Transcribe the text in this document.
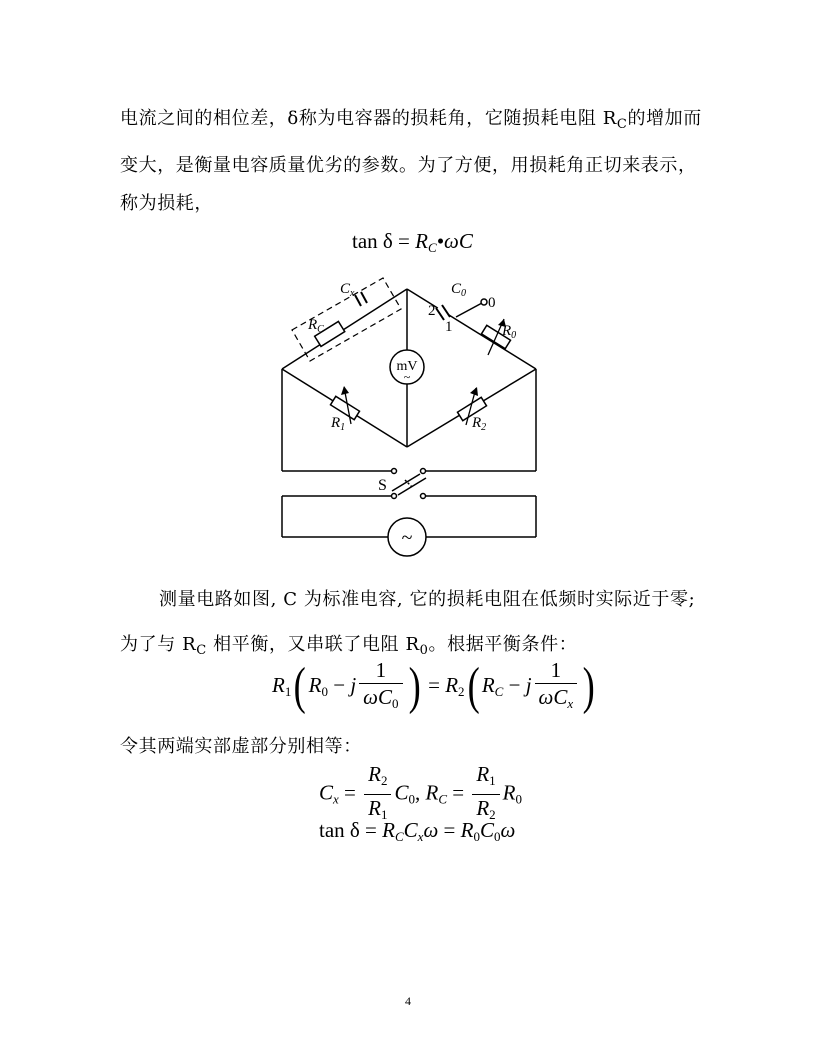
电流之间的相位差，δ称为电容器的损耗角，它随损耗电阻 $R_C$的增加而
变大，是衡量电容质量优劣的参数。为了方便，用损耗角正切来表示，
称为损耗，
$\tan \delta = R_C•\omega C$
$R_C$
$C_x$	$C_0$
2
1
0
$R_0$
$R_1$	$R_2$
mV
~
S
~
测量电路如图, C 为标准电容, 它的损耗电阻在低频时实际近于零;
为了与 $R_C$ 相平衡，又串联了电阻 $R_0$。根据平衡条件：
$R_1$( $R_0 - j \frac{1}{\omega C_0}$ ) = $R_2$( $R_C - j \frac{1}{\omega C_x}$ )
令其两端实部虚部分别相等：
$C_x = \frac{R_2}{R_1} C_0$, $R_C = \frac{R_1}{R_2} R_0$
$\tan \delta = R_CC_x\omega = R_0C_0\omega$
4
